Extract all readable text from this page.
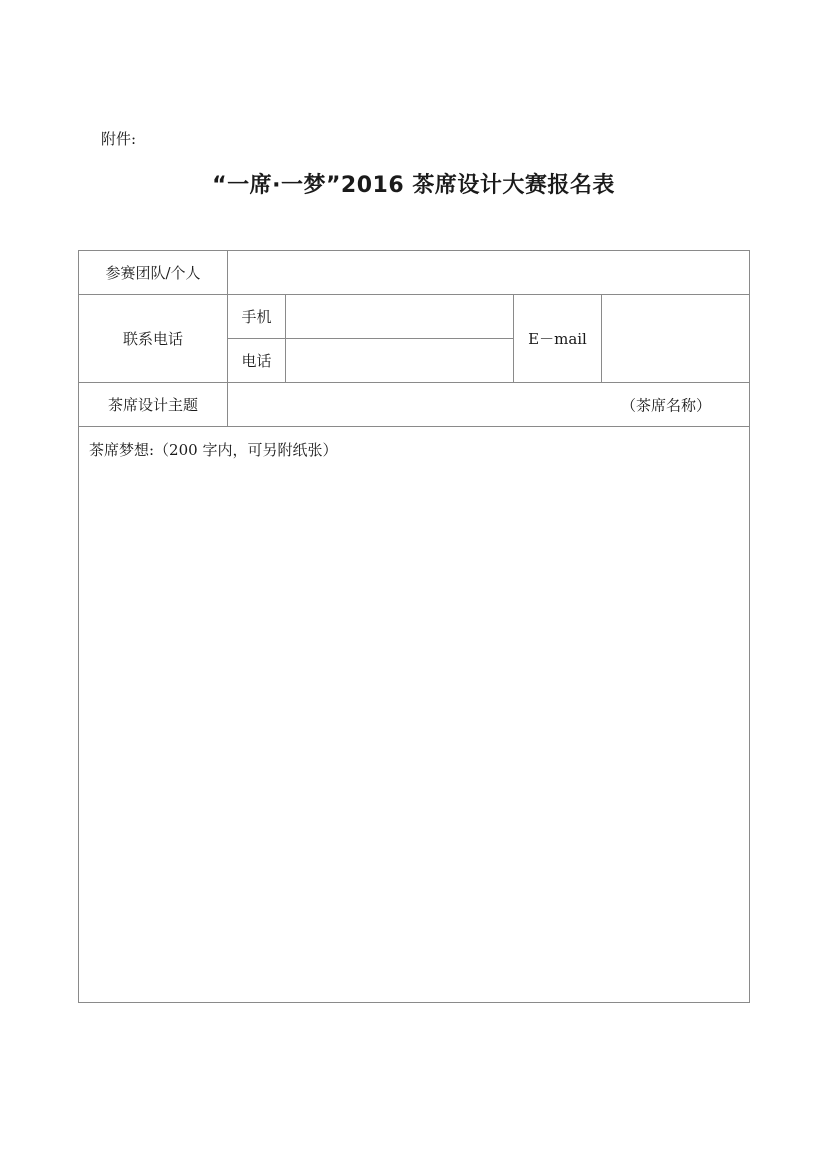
附件:
“一席·一梦”2016 茶席设计大赛报名表
参赛团队/个人				

联系电话	手机		E－mail	

	电话			

茶席设计主题	（茶席名称）			

茶席梦想:（200 字内，可另附纸张）				
